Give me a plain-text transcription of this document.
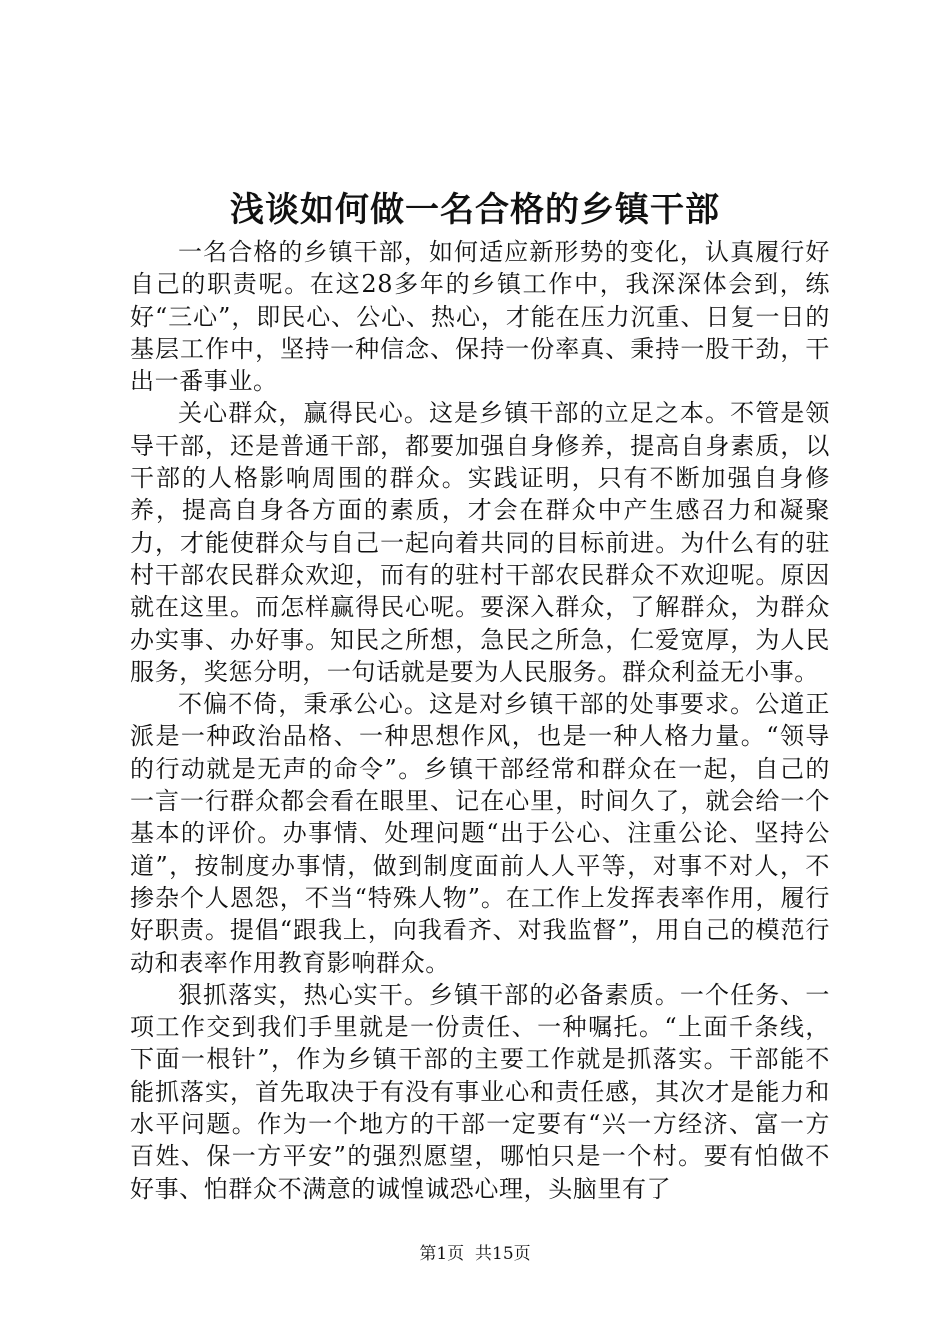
浅谈如何做一名合格的乡镇干部

一名合格的乡镇干部，如何适应新形势的变化，认真履行好自己的职责呢。在这28多年的乡镇工作中，我深深体会到，练好“三心”，即民心、公心、热心，才能在压力沉重、日复一日的基层工作中，坚持一种信念、保持一份率真、秉持一股干劲，干出一番事业。

关心群众，赢得民心。这是乡镇干部的立足之本。不管是领导干部，还是普通干部，都要加强自身修养，提高自身素质，以干部的人格影响周围的群众。实践证明，只有不断加强自身修养，提高自身各方面的素质，才会在群众中产生感召力和凝聚力，才能使群众与自己一起向着共同的目标前进。为什么有的驻村干部农民群众欢迎，而有的驻村干部农民群众不欢迎呢。原因就在这里。而怎样赢得民心呢。要深入群众，了解群众，为群众办实事、办好事。知民之所想，急民之所急，仁爱宽厚，为人民服务，奖惩分明，一句话就是要为人民服务。群众利益无小事。

不偏不倚，秉承公心。这是对乡镇干部的处事要求。公道正派是一种政治品格、一种思想作风，也是一种人格力量。“领导的行动就是无声的命令”。乡镇干部经常和群众在一起，自己的一言一行群众都会看在眼里、记在心里，时间久了，就会给一个基本的评价。办事情、处理问题“出于公心、注重公论、坚持公道”，按制度办事情，做到制度面前人人平等，对事不对人，不掺杂个人恩怨，不当“特殊人物”。在工作上发挥表率作用，履行好职责。提倡“跟我上，向我看齐、对我监督”，用自己的模范行动和表率作用教育影响群众。

狠抓落实，热心实干。乡镇干部的必备素质。一个任务、一项工作交到我们手里就是一份责任、一种嘱托。“上面千条线，下面一根针”，作为乡镇干部的主要工作就是抓落实。干部能不能抓落实，首先取决于有没有事业心和责任感，其次才是能力和水平问题。作为一个地方的干部一定要有“兴一方经济、富一方百姓、保一方平安”的强烈愿望，哪怕只是一个村。要有怕做不好事、怕群众不满意的诚惶诚恐心理，头脑里有了

第1页 共15页
